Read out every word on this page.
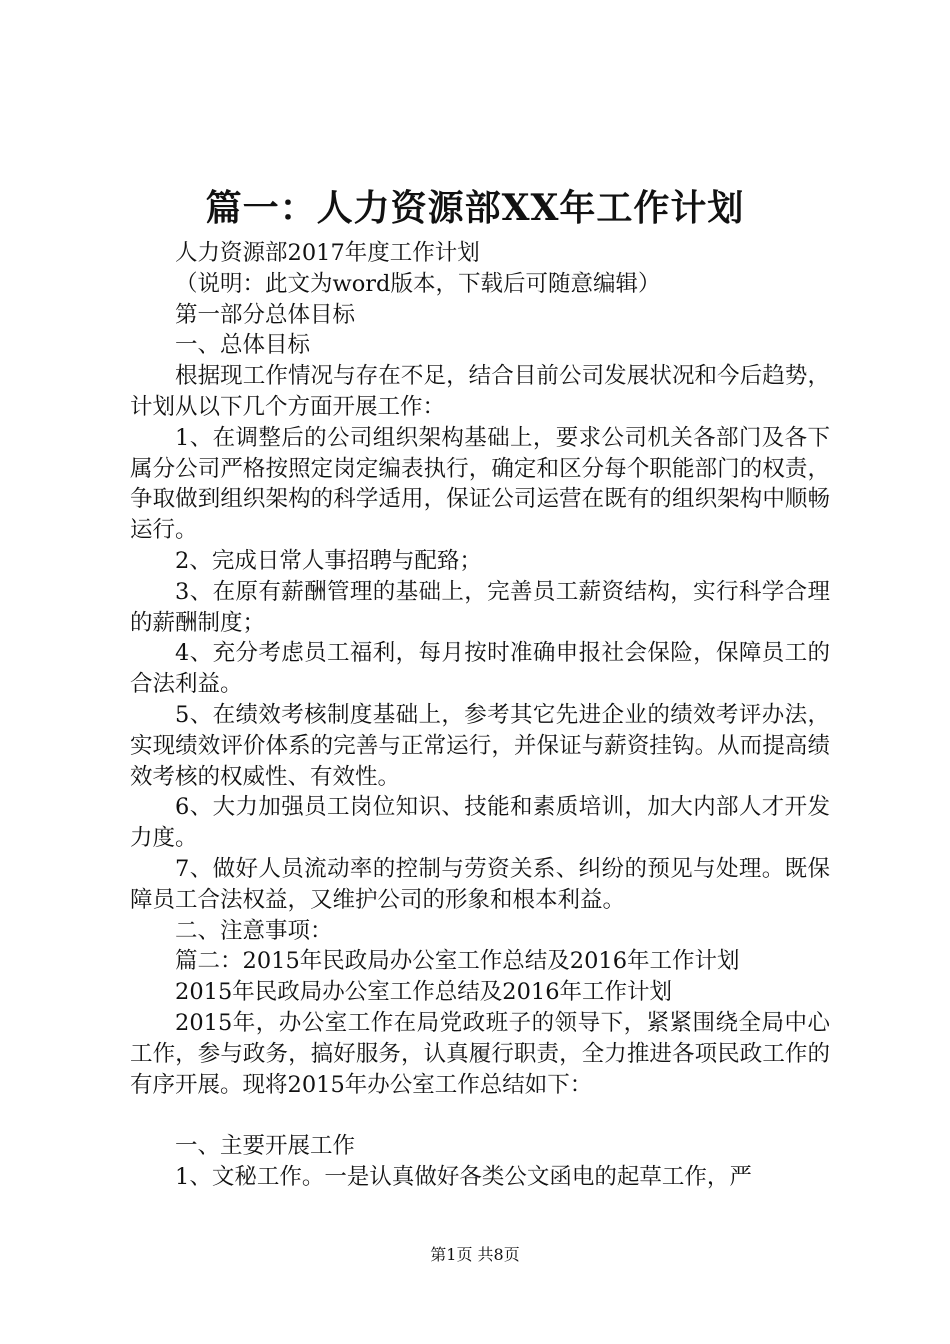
篇一：人力资源部XX年工作计划

人力资源部2017年度工作计划

（说明：此文为word版本，下载后可随意编辑）

第一部分总体目标

一、总体目标

根据现工作情况与存在不足，结合目前公司发展状况和今后趋势，计划从以下几个方面开展工作：

1、在调整后的公司组织架构基础上，要求公司机关各部门及各下属分公司严格按照定岗定编表执行，确定和区分每个职能部门的权责，争取做到组织架构的科学适用，保证公司运营在既有的组织架构中顺畅运行。

2、完成日常人事招聘与配臵；

3、在原有薪酬管理的基础上，完善员工薪资结构，实行科学合理的薪酬制度；

4、充分考虑员工福利，每月按时准确申报社会保险，保障员工的合法利益。

5、在绩效考核制度基础上，参考其它先进企业的绩效考评办法，实现绩效评价体系的完善与正常运行，并保证与薪资挂钩。从而提高绩效考核的权威性、有效性。

6、大力加强员工岗位知识、技能和素质培训，加大内部人才开发力度。

7、做好人员流动率的控制与劳资关系、纠纷的预见与处理。既保障员工合法权益，又维护公司的形象和根本利益。

二、注意事项：

篇二：2015年民政局办公室工作总结及2016年工作计划

2015年民政局办公室工作总结及2016年工作计划

2015年，办公室工作在局党政班子的领导下，紧紧围绕全局中心工作，参与政务，搞好服务，认真履行职责，全力推进各项民政工作的有序开展。现将2015年办公室工作总结如下：

一、主要开展工作

1、文秘工作。一是认真做好各类公文函电的起草工作，严

第1页 共8页
